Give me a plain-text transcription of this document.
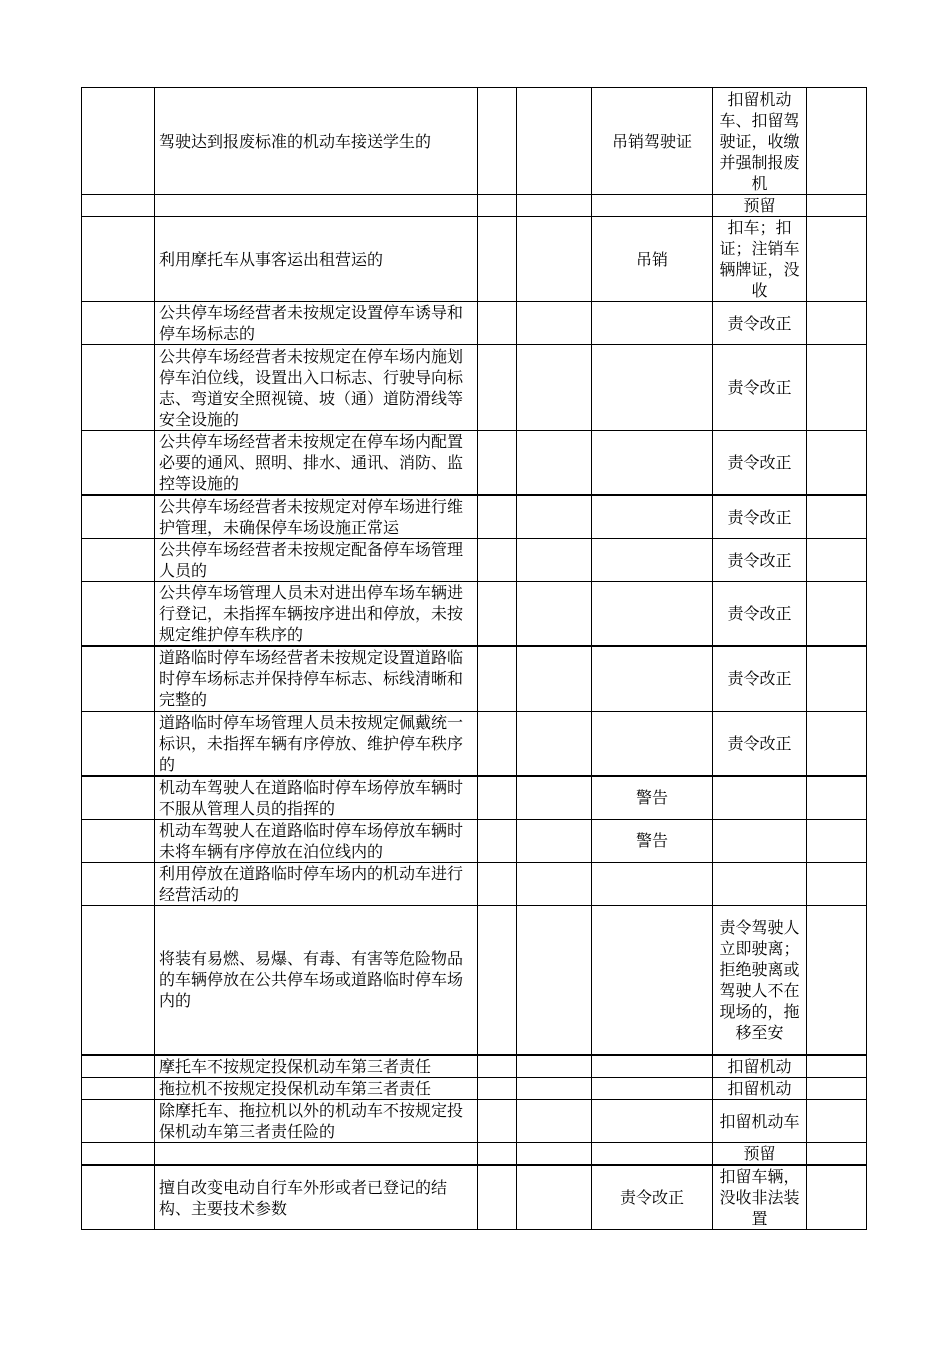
	驾驶达到报废标准的机动车接送学生的			吊销驾驶证	扣留机动车、扣留驾驶证，收缴并强制报废机	
					预留	
	利用摩托车从事客运出租营运的			吊销	扣车；扣证；注销车辆牌证，没收	
	公共停车场经营者未按规定设置停车诱导和停车场标志的				责令改正	
	公共停车场经营者未按规定在停车场内施划停车泊位线，设置出入口标志、行驶导向标志、弯道安全照视镜、坡（通）道防滑线等安全设施的				责令改正	
	公共停车场经营者未按规定在停车场内配置必要的通风、照明、排水、通讯、消防、监控等设施的				责令改正	
	公共停车场经营者未按规定对停车场进行维护管理，未确保停车场设施正常运				责令改正	
	公共停车场经营者未按规定配备停车场管理人员的				责令改正	
	公共停车场管理人员未对进出停车场车辆进行登记，未指挥车辆按序进出和停放，未按规定维护停车秩序的				责令改正	
	道路临时停车场经营者未按规定设置道路临时停车场标志并保持停车标志、标线清晰和完整的				责令改正	
	道路临时停车场管理人员未按规定佩戴统一标识，未指挥车辆有序停放、维护停车秩序的				责令改正	
	机动车驾驶人在道路临时停车场停放车辆时不服从管理人员的指挥的			警告		
	机动车驾驶人在道路临时停车场停放车辆时未将车辆有序停放在泊位线内的			警告		
	利用停放在道路临时停车场内的机动车进行经营活动的					
	将装有易燃、易爆、有毒、有害等危险物品的车辆停放在公共停车场或道路临时停车场内的				责令驾驶人立即驶离；拒绝驶离或驾驶人不在现场的，拖移至安	
	摩托车不按规定投保机动车第三者责任				扣留机动	
	拖拉机不按规定投保机动车第三者责任				扣留机动	
	除摩托车、拖拉机以外的机动车不按规定投保机动车第三者责任险的				扣留机动车	
					预留	
	擅自改变电动自行车外形或者已登记的结构、主要技术参数			责令改正	扣留车辆，没收非法装置	
